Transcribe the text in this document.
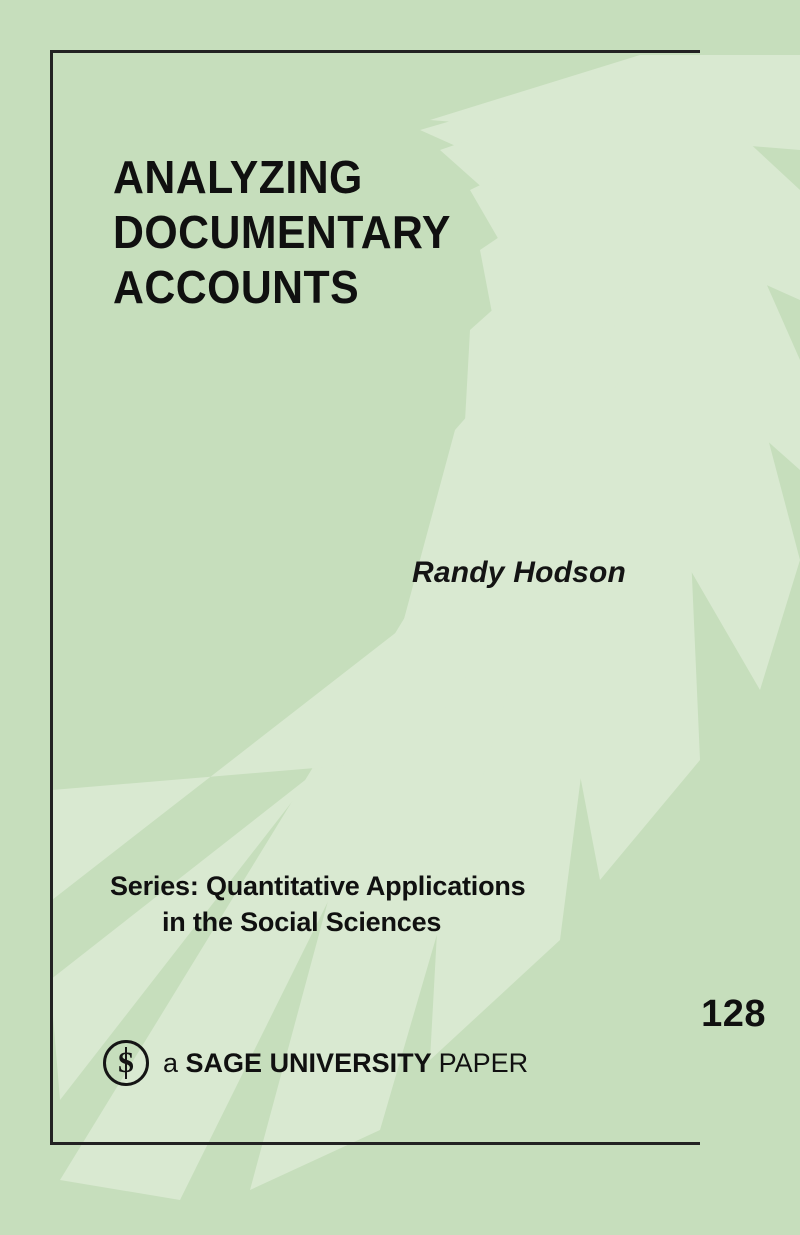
ANALYZING
DOCUMENTARY
ACCOUNTS
Randy Hodson
Series: Quantitative Applications
in the Social Sciences
128
S	a SAGE UNIVERSITY PAPER
